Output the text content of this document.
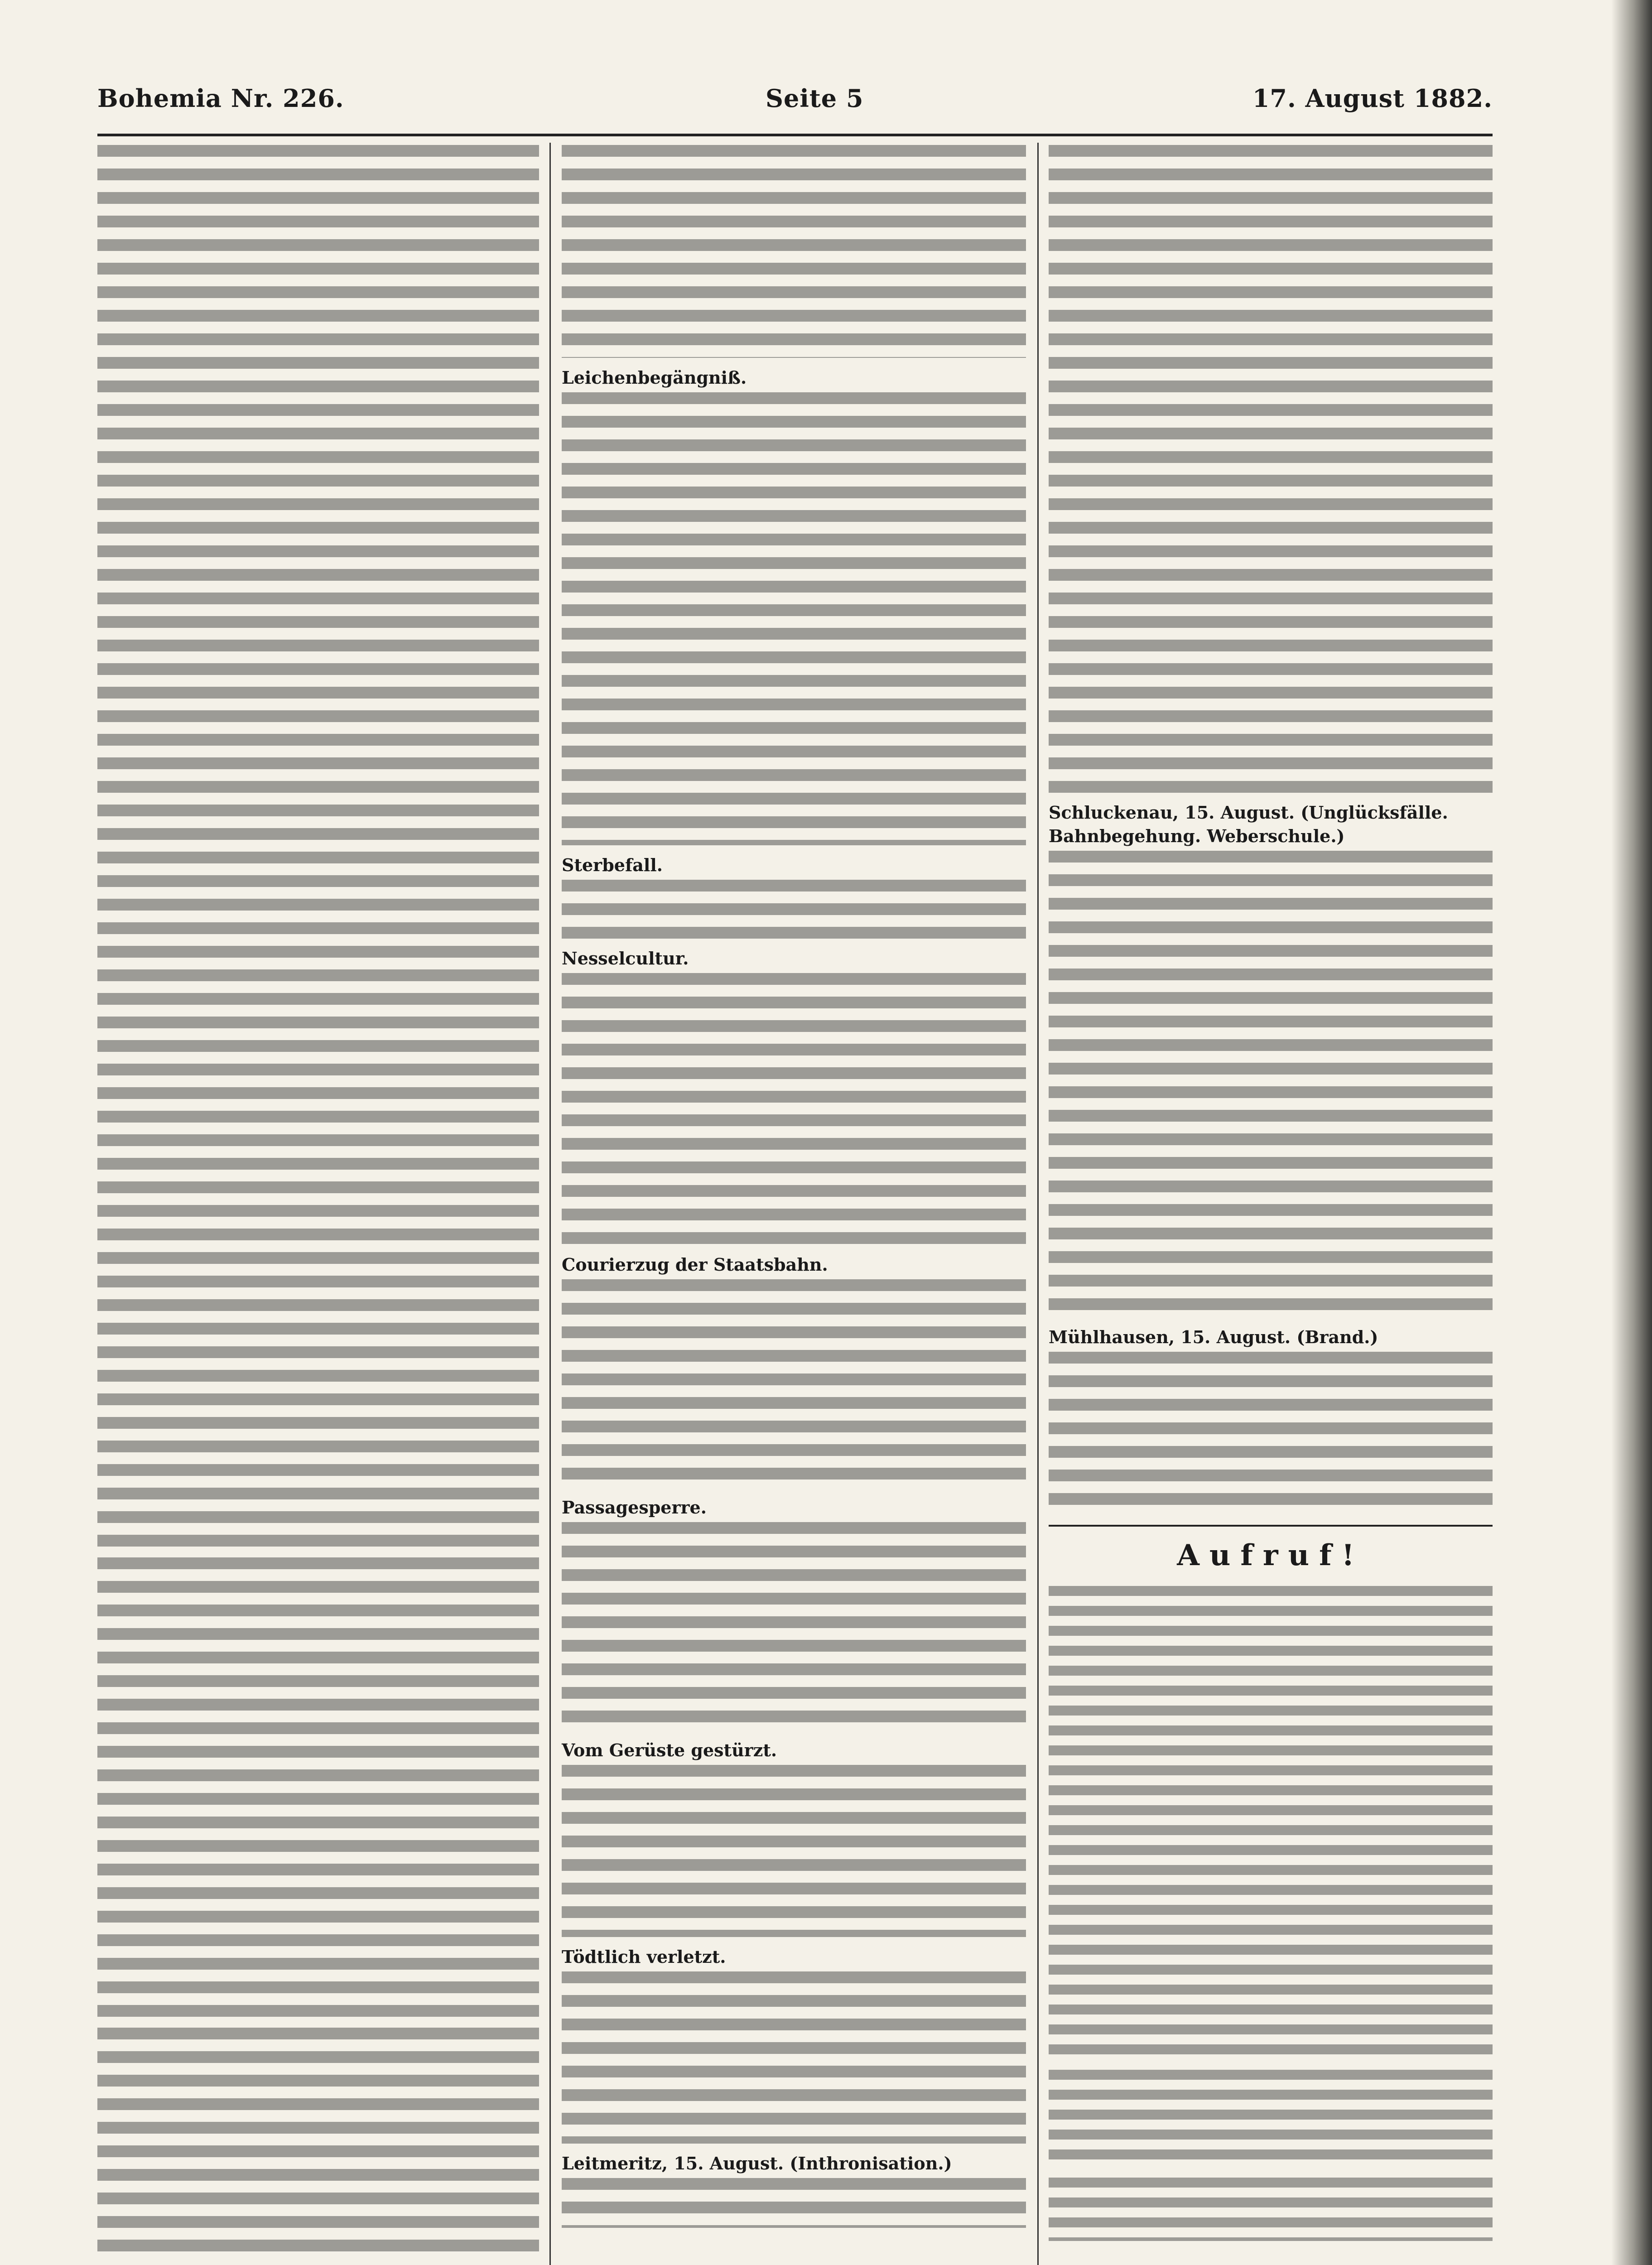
Bohemia Nr. 226.	Seite 5	17. August 1882.
Leichenbegängniß.
Sterbefall.
Nesselcultur.
Courierzug der Staatsbahn.
Passagesperre.
Vom Gerüste gestürzt.
Tödtlich verletzt.
Leitmeritz, 15. August. (Inthronisation.)
Schluckenau, 15. August. (Unglücksfälle. Bahnbegehung. Weberschule.)
Mühlhausen, 15. August. (Brand.)
Aufruf!
